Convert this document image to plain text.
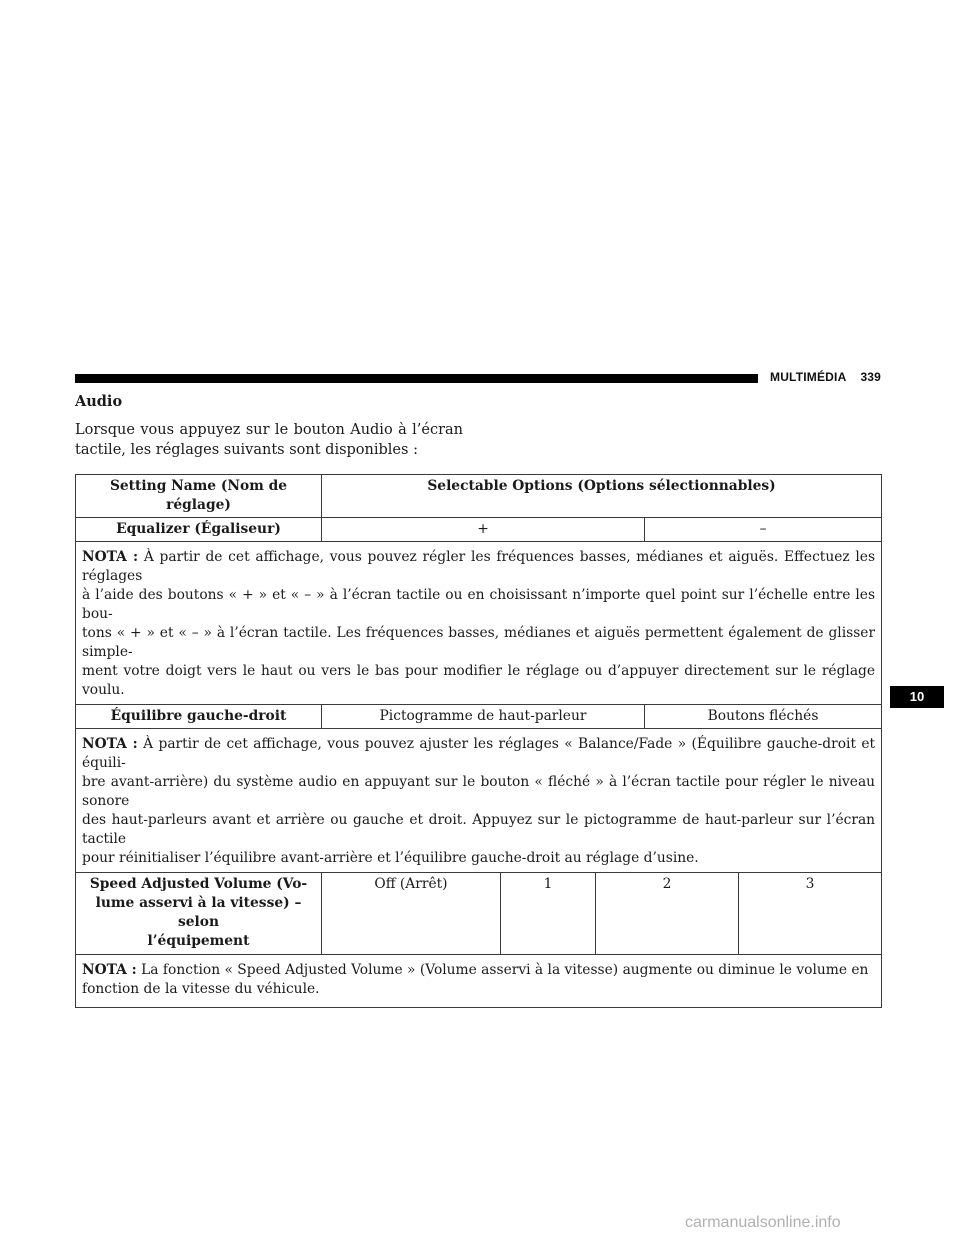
MULTIMÉDIA 339
Audio
Lorsque vous appuyez sur le bouton Audio à l’écran
tactile, les réglages suivants sont disponibles :
Setting Name (Nom de réglage)	Selectable Options (Options sélectionnables)				
Equalizer (Égaliseur)	+			–	

NOTA : À partir de cet affichage, vous pouvez régler les fréquences basses, médianes et aiguës. Effectuez les réglages
à l’aide des boutons « + » et « – » à l’écran tactile ou en choisissant n’importe quel point sur l’échelle entre les bou-
tons « + » et « – » à l’écran tactile. Les fréquences basses, médianes et aiguës permettent également de glisser simple-
ment votre doigt vers le haut ou vers le bas pour modifier le réglage ou d’appuyer directement sur le réglage voulu.					

Équilibre gauche-droit	Pictogramme de haut-parleur			Boutons fléchés	

NOTA : À partir de cet affichage, vous pouvez ajuster les réglages « Balance/Fade » (Équilibre gauche-droit et équili-
bre avant-arrière) du système audio en appuyant sur le bouton « fléché » à l’écran tactile pour régler le niveau sonore
des haut-parleurs avant et arrière ou gauche et droit. Appuyez sur le pictogramme de haut-parleur sur l’écran tactile
pour réinitialiser l’équilibre avant-arrière et l’équilibre gauche-droit au réglage d’usine.					

Speed Adjusted Volume (Vo-
lume asservi à la vitesse) – selon
l’équipement	Off (Arrêt)	1	2		3

NOTA : La fonction « Speed Adjusted Volume » (Volume asservi à la vitesse) augmente ou diminue le volume en
fonction de la vitesse du véhicule.					
10
carmanualsonline.info
